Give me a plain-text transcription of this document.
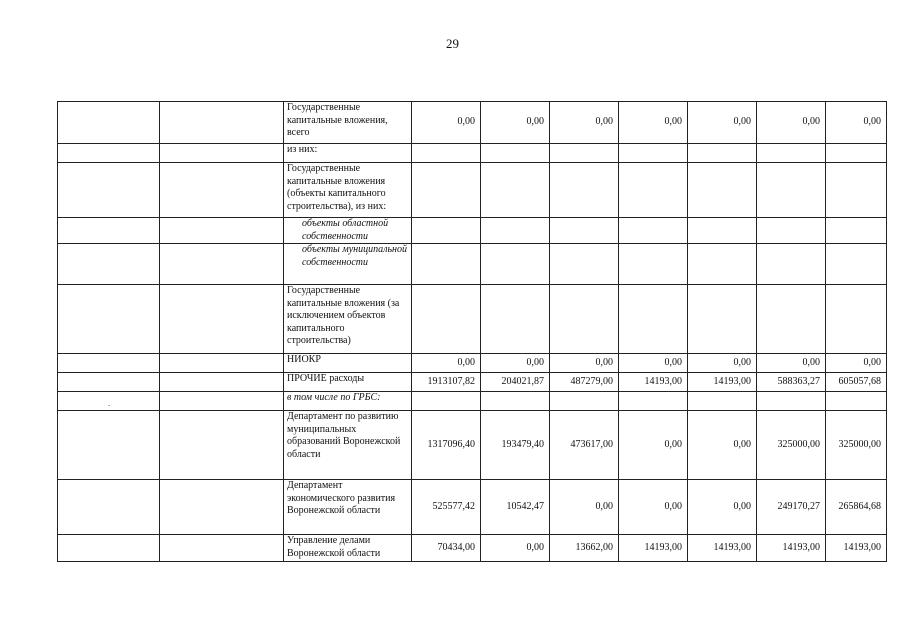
29
.
		Государственные капитальные вложения, всего	0,00	0,00	0,00	0,00	0,00	0,00	0,00
		из них:							
		Государственные капитальные вложения (объекты капитального строительства), из них:							
		объекты областной собственности							
		объекты муниципальной собственности							
		Государственные капитальные вложения (за исключением объектов капитального строительства)							
		НИОКР	0,00	0,00	0,00	0,00	0,00	0,00	0,00
		ПРОЧИЕ расходы	1913107,82	204021,87	487279,00	14193,00	14193,00	588363,27	605057,68
		в том числе по ГРБС:							
		Департамент по развитию муниципальных образований Воронежской области	1317096,40	193479,40	473617,00	0,00	0,00	325000,00	325000,00
		Департамент экономического развития Воронежской области	525577,42	10542,47	0,00	0,00	0,00	249170,27	265864,68
		Управление делами Воронежской области	70434,00	0,00	13662,00	14193,00	14193,00	14193,00	14193,00
